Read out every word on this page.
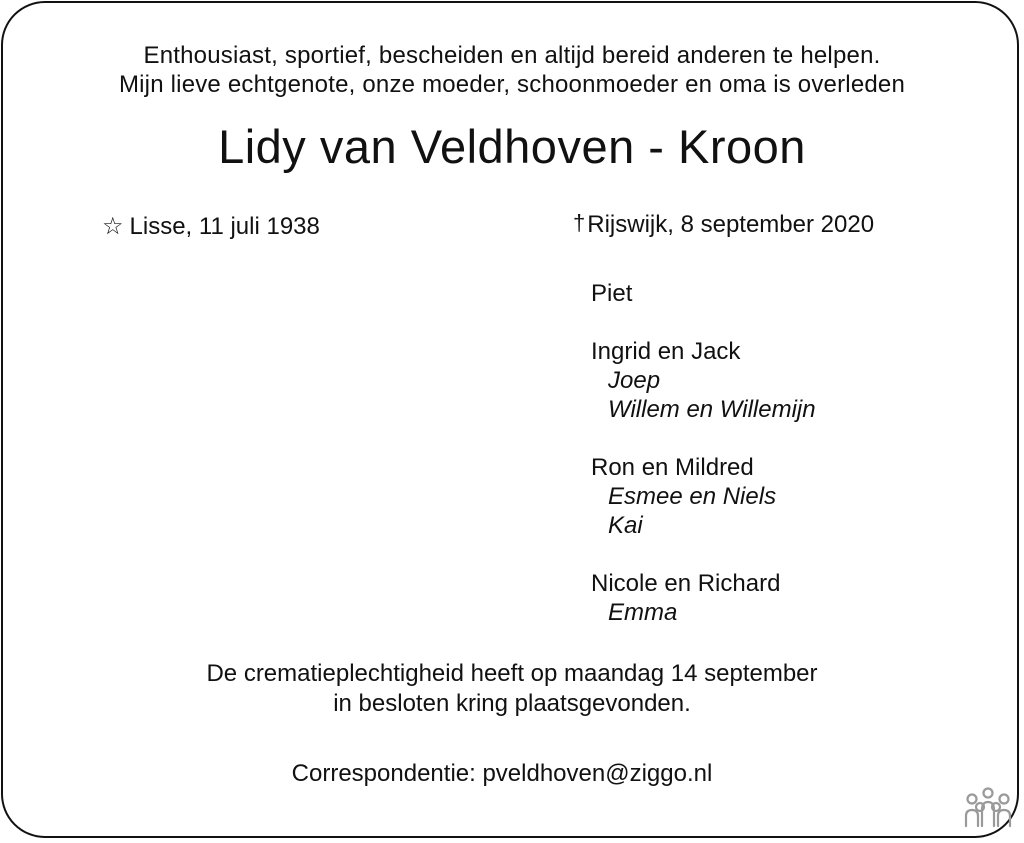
Enthousiast, sportief, bescheiden en altijd bereid anderen te helpen.
Mijn lieve echtgenote, onze moeder, schoonmoeder en oma is overleden
Lidy van Veldhoven - Kroon
☆ Lisse, 11 juli 1938	†Rijswijk, 8 september 2020
Piet
Ingrid en Jack
Joep
Willem en Willemijn
Ron en Mildred
Esmee en Niels
Kai
Nicole en Richard
Emma
De crematieplechtigheid heeft op maandag 14 september
in besloten kring plaatsgevonden.
Correspondentie: pveldhoven@ziggo.nl
